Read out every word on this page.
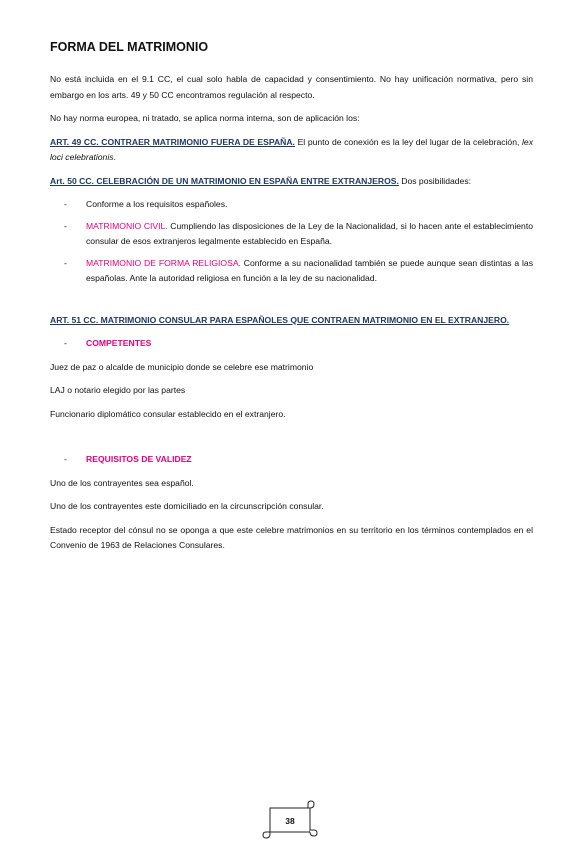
FORMA DEL MATRIMONIO

No está incluida en el 9.1 CC, el cual solo habla de capacidad y consentimiento. No hay unificación normativa, pero sin embargo en los arts. 49 y 50 CC encontramos regulación al respecto.

No hay norma europea, ni tratado, se aplica norma interna, son de aplicación los:

ART. 49 CC. CONTRAER MATRIMONIO FUERA DE ESPAÑA. El punto de conexión es la ley del lugar de la celebración, lex loci celebrationis.

Art. 50 CC. CELEBRACIÓN DE UN MATRIMONIO EN ESPAÑA ENTRE EXTRANJEROS. Dos posibilidades:

- Conforme a los requisitos españoles.
- MATRIMONIO CIVIL. Cumpliendo las disposiciones de la Ley de la Nacionalidad, si lo hacen ante el establecimiento consular de esos extranjeros legalmente establecido en España.
- MATRIMONIO DE FORMA RELIGIOSA. Conforme a su nacionalidad también se puede aunque sean distintas a las españolas. Ante la autoridad religiosa en función a la ley de su nacionalidad.

ART. 51 CC. MATRIMONIO CONSULAR PARA ESPAÑOLES QUE CONTRAEN MATRIMONIO EN EL EXTRANJERO.

- COMPETENTES

Juez de paz o alcalde de municipio donde se celebre ese matrimonio

LAJ o notario elegido por las partes

Funcionario diplomático consular establecido en el extranjero.

- REQUISITOS DE VALIDEZ

Uno de los contrayentes sea español.

Uno de los contrayentes este domiciliado en la circunscripción consular.

Estado receptor del cónsul no se oponga a que este celebre matrimonios en su territorio en los términos contemplados en el Convenio de 1963 de Relaciones Consulares.

38
